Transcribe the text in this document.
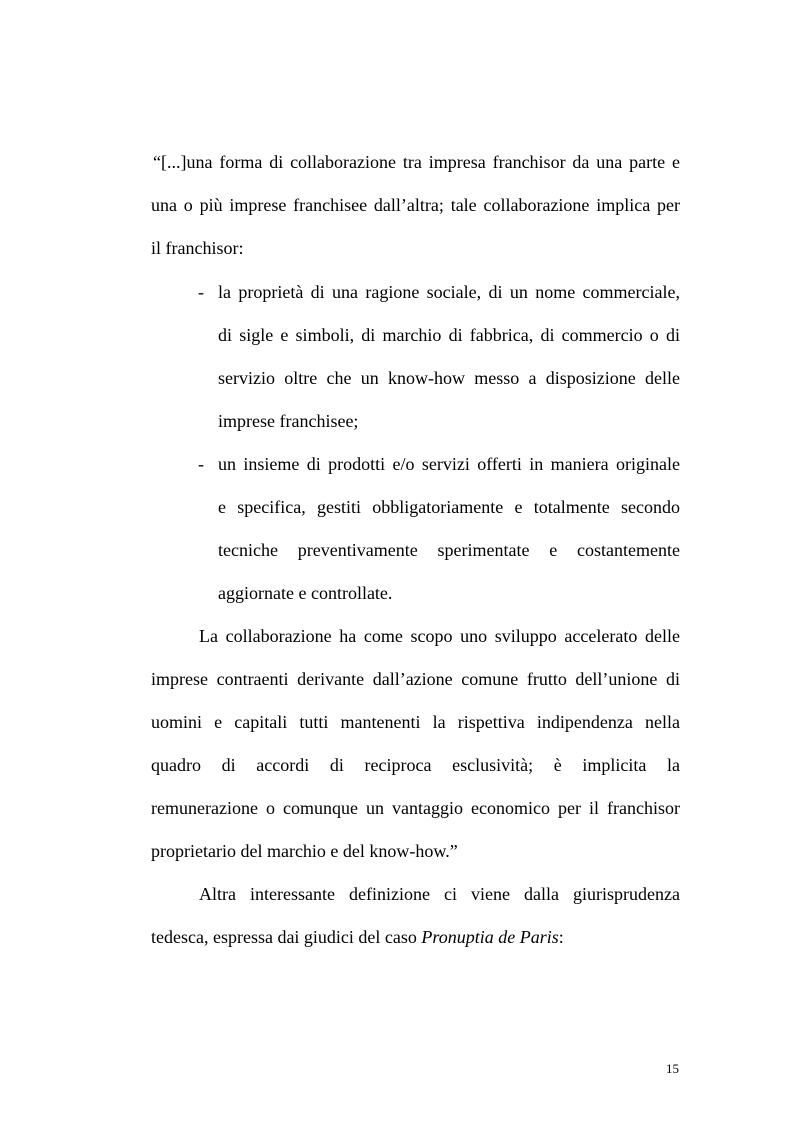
“[...]una forma di collaborazione tra impresa franchisor da una parte e
una o più imprese franchisee dall’altra; tale collaborazione implica per
il franchisor:
- la proprietà di una ragione sociale, di un nome commerciale,
di sigle e simboli, di marchio di fabbrica, di commercio o di
servizio oltre che un know-how messo a disposizione delle
imprese franchisee;
- un insieme di prodotti e/o servizi offerti in maniera originale
e specifica, gestiti obbligatoriamente e totalmente secondo
tecniche preventivamente sperimentate e costantemente
aggiornate e controllate.
La collaborazione ha come scopo uno sviluppo accelerato delle
imprese contraenti derivante dall’azione comune frutto dell’unione di
uomini e capitali tutti mantenenti la rispettiva indipendenza nella
quadro di accordi di reciproca esclusività; è implicita la
remunerazione o comunque un vantaggio economico per il franchisor
proprietario del marchio e del know-how.”
Altra interessante definizione ci viene dalla giurisprudenza
tedesca, espressa dai giudici del caso Pronuptia de Paris:
15
